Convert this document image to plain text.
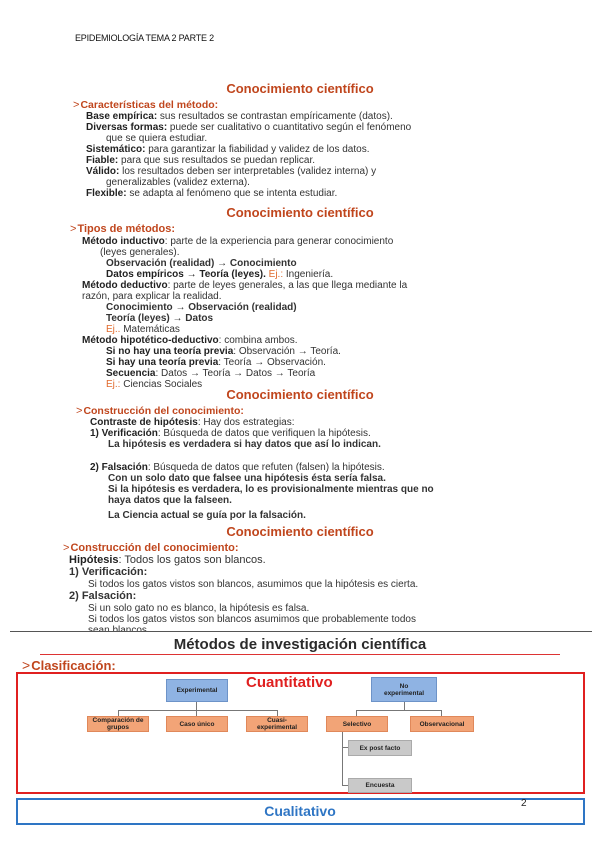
EPIDEMIOLOGÍA TEMA 2 PARTE 2
Conocimiento científico
>Características del método:
Base empírica: sus resultados se contrastan empíricamente (datos).
Diversas formas: puede ser cualitativo o cuantitativo según el fenómeno
que se quiera estudiar.
Sistemático: para garantizar la fiabilidad y validez de los datos.
Fiable: para que sus resultados se puedan replicar.
Válido: los resultados deben ser interpretables (validez interna) y
generalizables (validez externa).
Flexible: se adapta al fenómeno que se intenta estudiar.
Conocimiento científico
>Tipos de métodos:
Método inductivo: parte de la experiencia para generar conocimiento
(leyes generales).
Observación (realidad) → Conocimiento
Datos empíricos → Teoría (leyes). Ej.: Ingeniería.
Método deductivo: parte de leyes generales, a las que llega mediante la
razón, para explicar la realidad.
Conocimiento → Observación (realidad)
Teoría (leyes) → Datos
Ej.. Matemáticas
Método hipotético-deductivo: combina ambos.
Si no hay una teoría previa: Observación → Teoría.
Si hay una teoría previa: Teoría → Observación.
Secuencia: Datos → Teoría → Datos → Teoría
Ej.: Ciencias Sociales
Conocimiento científico
>Construcción del conocimiento:
Contraste de hipótesis: Hay dos estrategias:
1) Verificación: Búsqueda de datos que verifiquen la hipótesis.
La hipótesis es verdadera si hay datos que así lo indican.
2) Falsación: Búsqueda de datos que refuten (falsen) la hipótesis.
Con un solo dato que falsee una hipótesis ésta sería falsa.
Si la hipótesis es verdadera, lo es provisionalmente mientras que no
haya datos que la falseen.
La Ciencia actual se guía por la falsación.
Conocimiento científico
>Construcción del conocimiento:
Hipótesis: Todos los gatos son blancos.
1) Verificación:
Si todos los gatos vistos son blancos, asumimos que la hipótesis es cierta.
2) Falsación:
Si un solo gato no es blanco, la hipótesis es falsa.
Si todos los gatos vistos son blancos asumimos que probablemente todos
Métodos de investigación científica
>Clasificación:
Cuantitativo
Experimental
No experimental
Comparación de grupos	Caso único	Cuasi-experimental	Selectivo	Observacional
Ex post facto
Encuesta
Cualitativo	2
